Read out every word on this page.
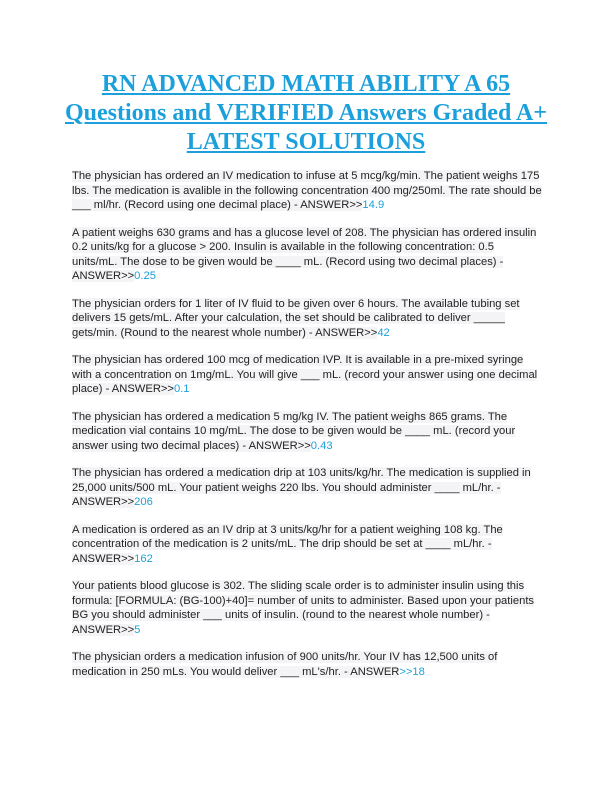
RN ADVANCED MATH ABILITY A 65 Questions and VERIFIED Answers Graded A+ LATEST SOLUTIONS

The physician has ordered an IV medication to infuse at 5 mcg/kg/min. The patient weighs 175 lbs. The medication is avalible in the following concentration 400 mg/250ml. The rate should be ___ ml/hr. (Record using one decimal place) - ANSWER>>14.9

A patient weighs 630 grams and has a glucose level of 208. The physician has ordered insulin 0.2 units/kg for a glucose > 200. Insulin is available in the following concentration: 0.5 units/mL. The dose to be given would be ____ mL. (Record using two decimal places) - ANSWER>>0.25

The physician orders for 1 liter of IV fluid to be given over 6 hours. The available tubing set delivers 15 gets/mL. After your calculation, the set should be calibrated to deliver _____ gets/min. (Round to the nearest whole number) - ANSWER>>42

The physician has ordered 100 mcg of medication IVP. It is available in a pre-mixed syringe with a concentration on 1mg/mL. You will give ___ mL. (record your answer using one decimal place) - ANSWER>>0.1

The physician has ordered a medication 5 mg/kg IV. The patient weighs 865 grams. The medication vial contains 10 mg/mL. The dose to be given would be ____ mL. (record your answer using two decimal places) - ANSWER>>0.43

The physician has ordered a medication drip at 103 units/kg/hr. The medication is supplied in 25,000 units/500 mL. Your patient weighs 220 lbs. You should administer ____ mL/hr. - ANSWER>>206

A medication is ordered as an IV drip at 3 units/kg/hr for a patient weighing 108 kg. The concentration of the medication is 2 units/mL. The drip should be set at ____ mL/hr. - ANSWER>>162

Your patients blood glucose is 302. The sliding scale order is to administer insulin using this formula: [FORMULA: (BG-100)+40]= number of units to administer. Based upon your patients BG you should administer ___ units of insulin. (round to the nearest whole number) - ANSWER>>5

The physician orders a medication infusion of 900 units/hr. Your IV has 12,500 units of medication in 250 mLs. You would deliver ___ mL's/hr. - ANSWER>>18
